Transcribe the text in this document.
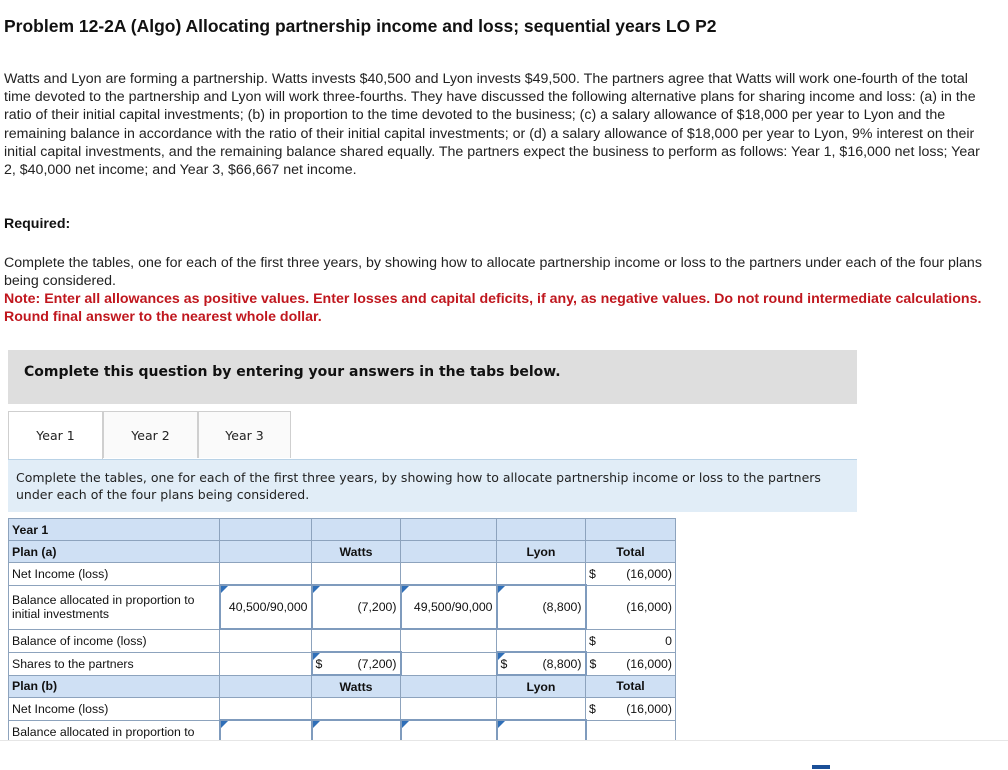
Problem 12-2A (Algo) Allocating partnership income and loss; sequential years LO P2

Watts and Lyon are forming a partnership. Watts invests $40,500 and Lyon invests $49,500. The partners agree that Watts will work one-fourth of the total time devoted to the partnership and Lyon will work three-fourths. They have discussed the following alternative plans for sharing income and loss: (a) in the ratio of their initial capital investments; (b) in proportion to the time devoted to the business; (c) a salary allowance of $18,000 per year to Lyon and the remaining balance in accordance with the ratio of their initial capital investments; or (d) a salary allowance of $18,000 per year to Lyon, 9% interest on their initial capital investments, and the remaining balance shared equally. The partners expect the business to perform as follows: Year 1, $16,000 net loss; Year 2, $40,000 net income; and Year 3, $66,667 net income.

Required:

Complete the tables, one for each of the first three years, by showing how to allocate partnership income or loss to the partners under each of the four plans being considered.

Note: Enter all allowances as positive values. Enter losses and capital deficits, if any, as negative values. Do not round intermediate calculations. Round final answer to the nearest whole dollar.

Complete this question by entering your answers in the tabs below.
Year 1	Year 2	Year 3

Complete the tables, one for each of the first three years, by showing how to allocate partnership income or loss to the partners under each of the four plans being considered.

Year 1					
Plan (a)		Watts		Lyon	Total
Net Income (loss)					$ (16,000)
Balance allocated in proportion to initial investments	40,500/90,000	(7,200)	49,500/90,000	(8,800)	(16,000)
Balance of income (loss)					$ 0
Shares to the partners		$ (7,200)		$ (8,800)	$ (16,000)
Plan (b)		Watts		Lyon	Total
Net Income (loss)					$ (16,000)
Balance allocated in proportion to					
